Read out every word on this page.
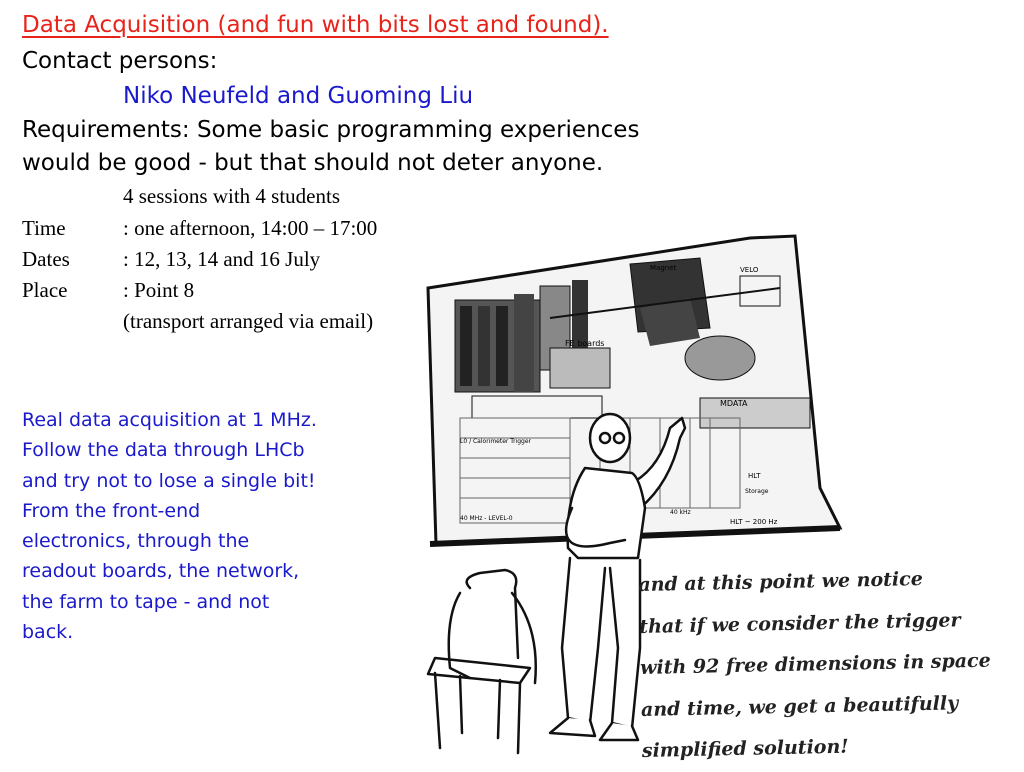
Data Acquisition (and fun with bits lost and found).
Contact persons:
Niko Neufeld and Guoming Liu
Requirements: Some basic programming experiences
would be good - but that should not deter anyone.
4 sessions with 4 students
Time	: one afternoon, 14:00 – 17:00
Dates	: 12, 13, 14 and 16 July
Place	: Point 8
(transport arranged via email)
Real data acquisition at 1 MHz.
Follow the data through LHCb
and try not to lose a single bit!
From the front-end
electronics, through the
readout boards, the network,
the farm to tape - and not
back.
Magnet	VELO
FE boards
MDATA
HLT
Storage
L0 / Calorimeter Trigger
40 MHz - LEVEL-0	HLT ~ 200 Hz
40 kHz
and at this point we notice
that if we consider the trigger
with 92 free dimensions in space
and time, we get a beautifully
simplified solution!
